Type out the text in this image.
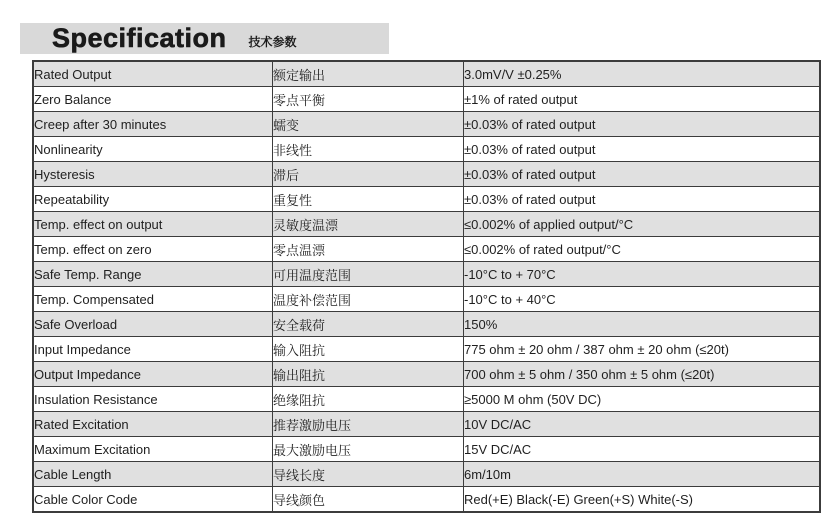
Specification 技术参数
Rated Output	额定输出	3.0mV/V ±0.25%
Zero Balance	零点平衡	±1% of rated output
Creep after 30 minutes	蠕变	±0.03% of rated output
Nonlinearity	非线性	±0.03% of rated output
Hysteresis	滞后	±0.03% of rated output
Repeatability	重复性	±0.03% of rated output
Temp. effect on output	灵敏度温漂	≤0.002% of applied output/°C
Temp. effect on zero	零点温漂	≤0.002% of rated output/°C
Safe Temp. Range	可用温度范围	-10°C to + 70°C
Temp. Compensated	温度补偿范围	-10°C to + 40°C
Safe Overload	安全载荷	150%
Input Impedance	输入阻抗	775 ohm ± 20 ohm / 387 ohm ± 20 ohm (≤20t)
Output Impedance	输出阻抗	700 ohm ± 5 ohm / 350 ohm ± 5 ohm (≤20t)
Insulation Resistance	绝缘阻抗	≥5000 M ohm (50V DC)
Rated Excitation	推荐激励电压	10V DC/AC
Maximum Excitation	最大激励电压	15V DC/AC
Cable Length	导线长度	6m/10m
Cable Color Code	导线颜色	Red(+E) Black(-E) Green(+S) White(-S)
